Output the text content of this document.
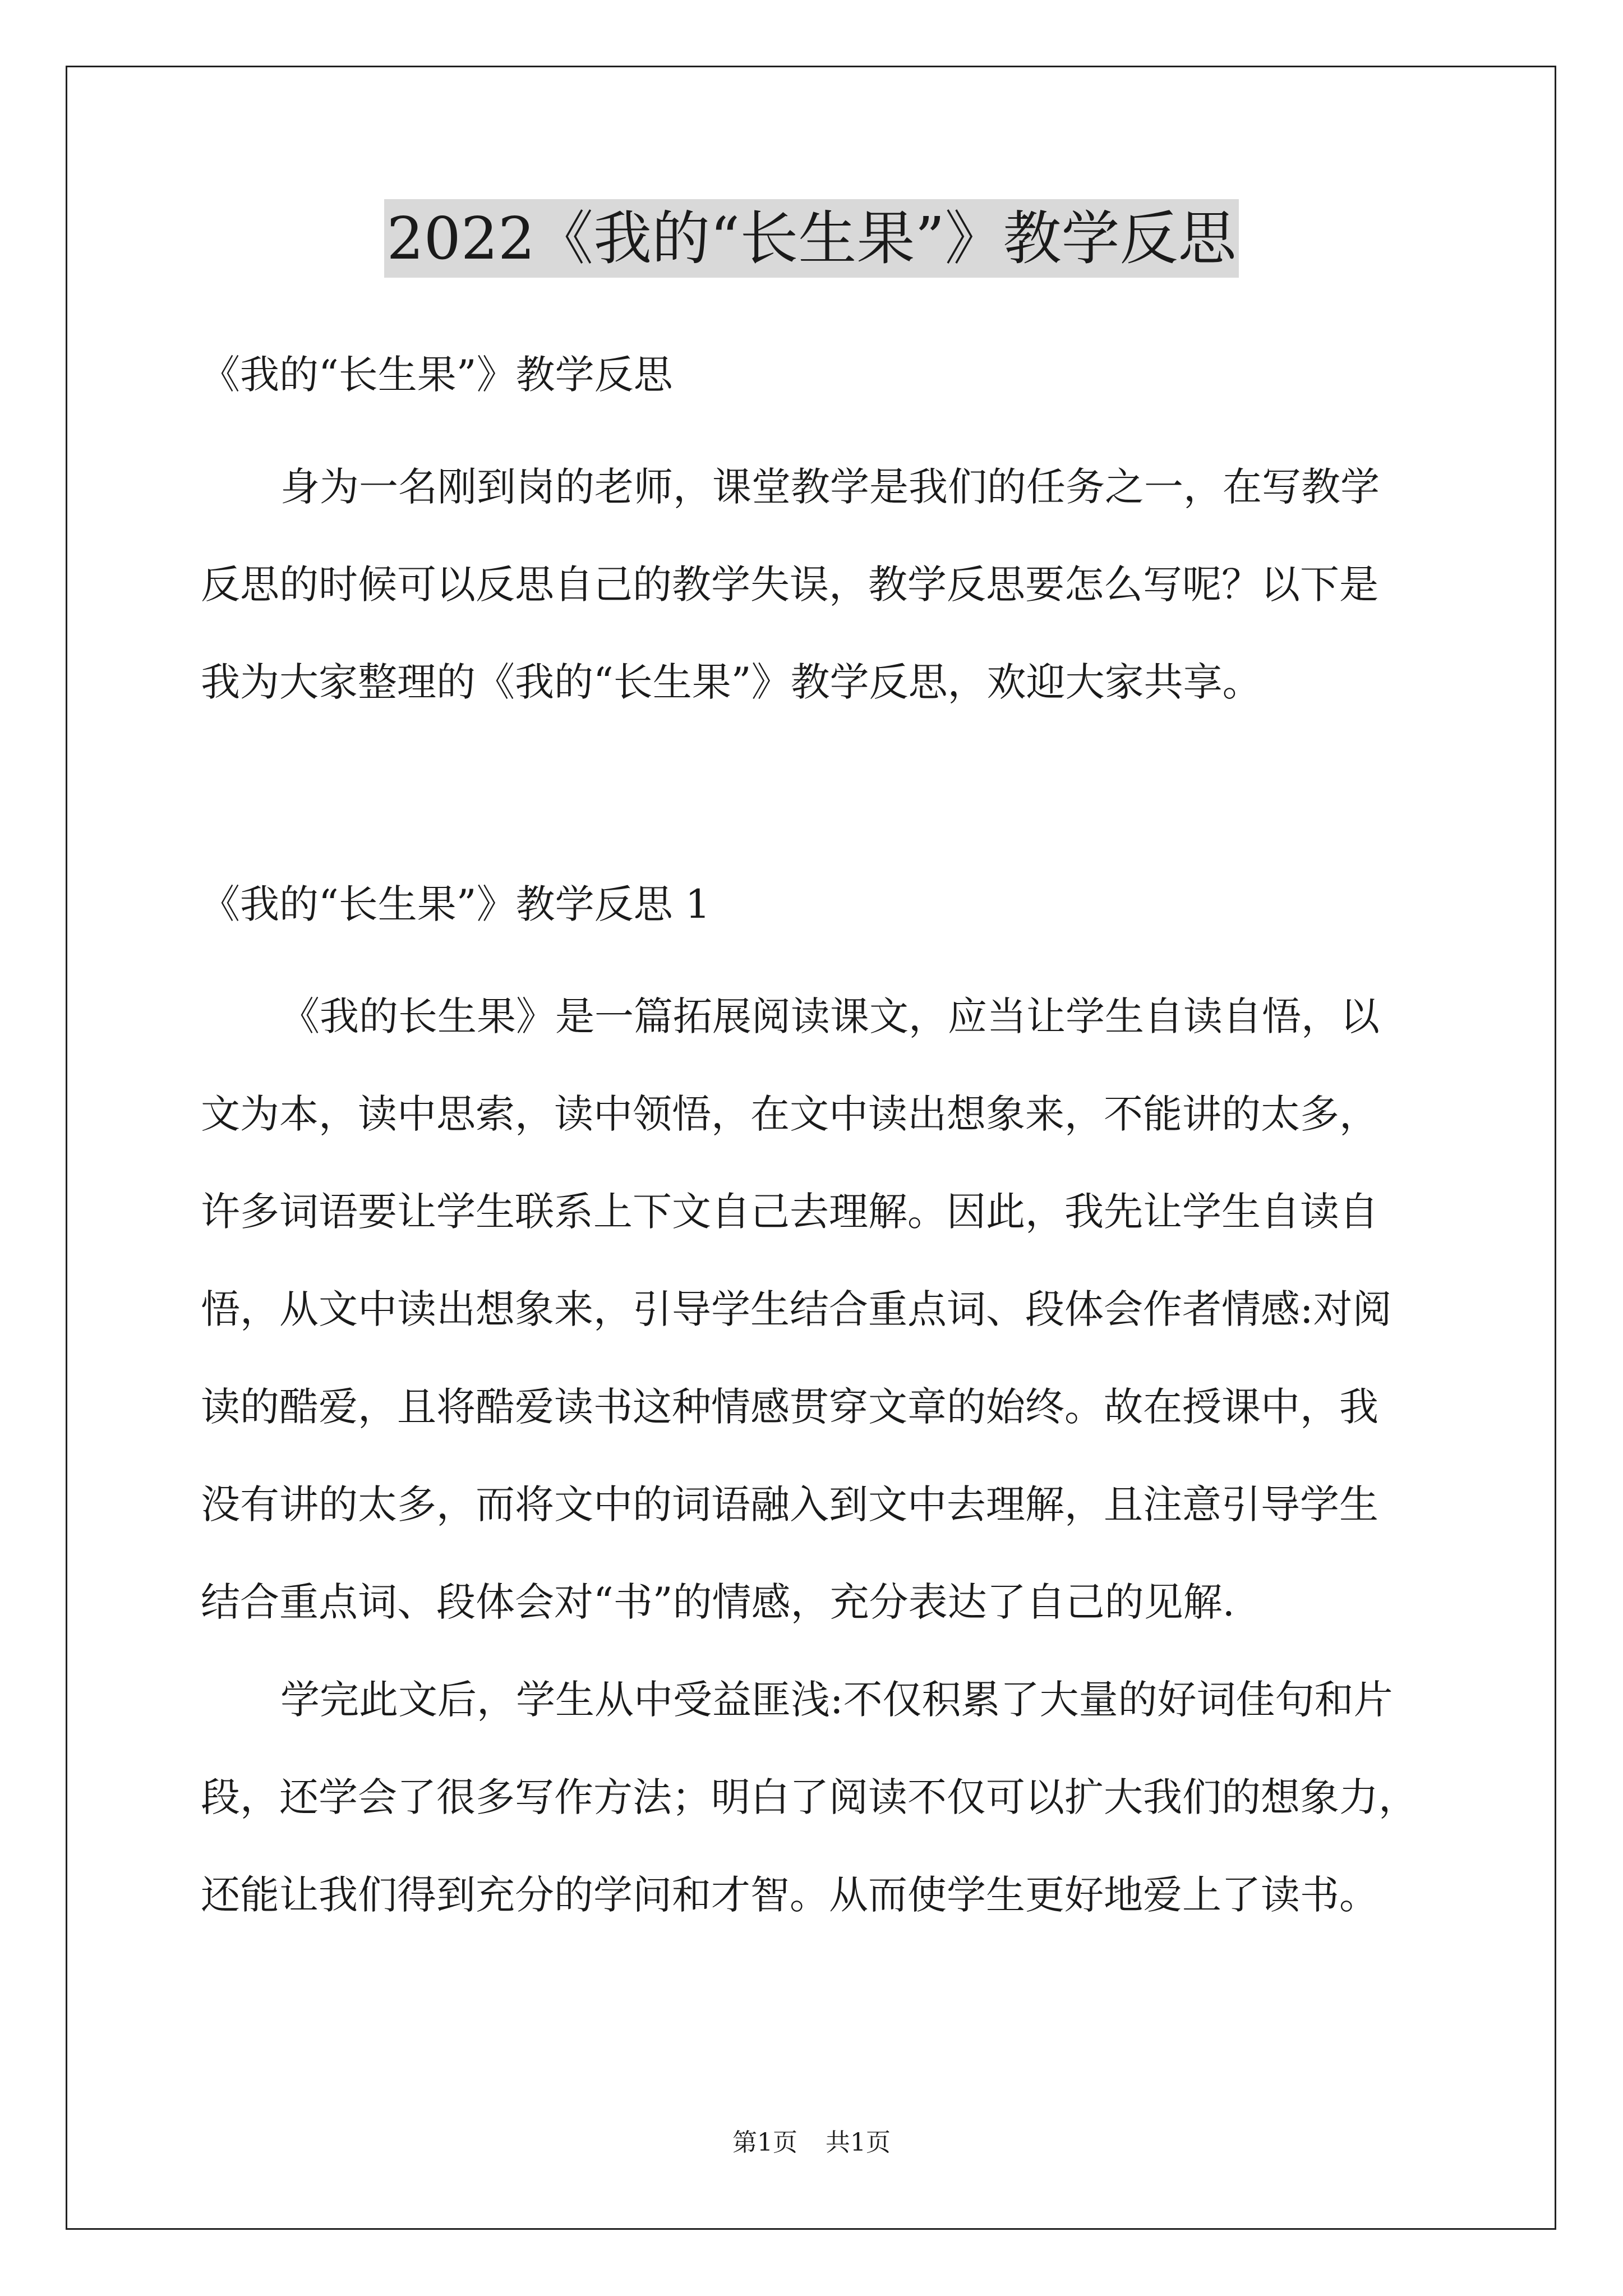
2022《我的“长生果”》教学反思
《我的“长生果”》教学反思
身为一名刚到岗的老师，课堂教学是我们的任务之一，在写教学
反思的时候可以反思自己的教学失误，教学反思要怎么写呢？以下是
我为大家整理的《我的“长生果”》教学反思，欢迎大家共享。
《我的“长生果”》教学反思 1
《我的长生果》是一篇拓展阅读课文，应当让学生自读自悟，以
文为本，读中思索，读中领悟，在文中读出想象来，不能讲的太多，
许多词语要让学生联系上下文自己去理解。因此，我先让学生自读自
悟，从文中读出想象来，引导学生结合重点词、段体会作者情感:对阅
读的酷爱，且将酷爱读书这种情感贯穿文章的始终。故在授课中，我
没有讲的太多，而将文中的词语融入到文中去理解，且注意引导学生
结合重点词、段体会对“书”的情感，充分表达了自己的见解.
学完此文后，学生从中受益匪浅:不仅积累了大量的好词佳句和片
段，还学会了很多写作方法；明白了阅读不仅可以扩大我们的想象力，
还能让我们得到充分的学问和才智。从而使学生更好地爱上了读书。
第1页 共1页
